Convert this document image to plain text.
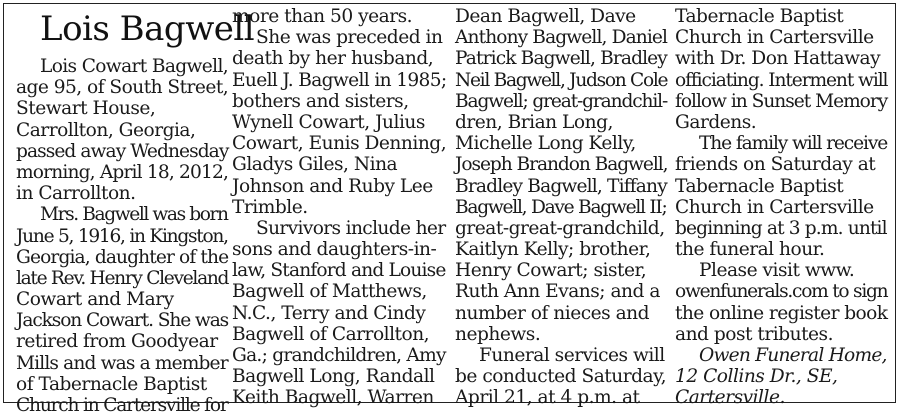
Lois Bagwell
Lois Cowart Bagwell,
age 95, of South Street,
Stewart House,
Carrollton, Georgia,
passed away Wednesday
morning, April 18, 2012,
in Carrollton.
Mrs. Bagwell was born
June 5, 1916, in Kingston,
Georgia, daughter of the
late Rev. Henry Cleveland
Cowart and Mary
Jackson Cowart. She was
retired from Goodyear
Mills and was a member
of Tabernacle Baptist
Church in Cartersville for
more than 50 years.
She was preceded in
death by her husband,
Euell J. Bagwell in 1985;
bothers and sisters,
Wynell Cowart, Julius
Cowart, Eunis Denning,
Gladys Giles, Nina
Johnson and Ruby Lee
Trimble.
Survivors include her
sons and daughters-in-
law, Stanford and Louise
Bagwell of Matthews,
N.C., Terry and Cindy
Bagwell of Carrollton,
Ga.; grandchildren, Amy
Bagwell Long, Randall
Keith Bagwell, Warren
Dean Bagwell, Dave
Anthony Bagwell, Daniel
Patrick Bagwell, Bradley
Neil Bagwell, Judson Cole
Bagwell; great-grandchil-
dren, Brian Long,
Michelle Long Kelly,
Joseph Brandon Bagwell,
Bradley Bagwell, Tiffany
Bagwell, Dave Bagwell II;
great-great-grandchild,
Kaitlyn Kelly; brother,
Henry Cowart; sister,
Ruth Ann Evans; and a
number of nieces and
nephews.
Funeral services will
be conducted Saturday,
April 21, at 4 p.m. at
Tabernacle Baptist
Church in Cartersville
with Dr. Don Hattaway
officiating. Interment will
follow in Sunset Memory
Gardens.
The family will receive
friends on Saturday at
Tabernacle Baptist
Church in Cartersville
beginning at 3 p.m. until
the funeral hour.
Please visit www.
owenfunerals.com to sign
the online register book
and post tributes.
Owen Funeral Home,
12 Collins Dr., SE,
Cartersville.
